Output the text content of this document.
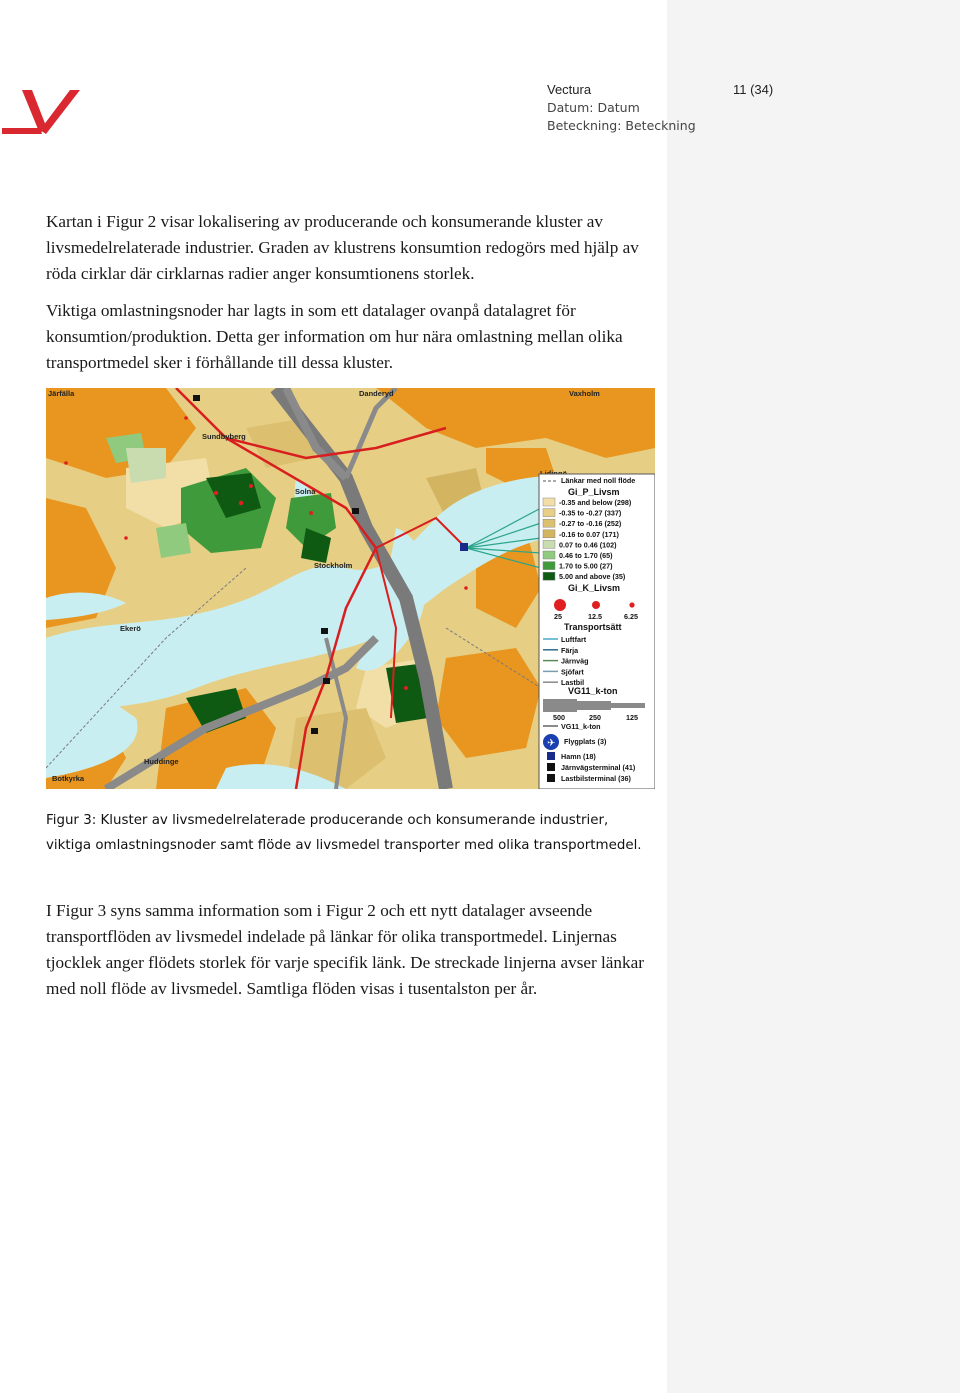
Vectura	11 (34)
Datum: Datum
Beteckning: Beteckning

Kartan i Figur 2 visar lokalisering av producerande och konsumerande kluster av livsmedelrelaterade industrier. Graden av klustrens konsumtion redogörs med hjälp av röda cirklar där cirklarnas radier anger konsumtionens storlek.

Viktiga omlastningsnoder har lagts in som ett datalager ovanpå datalagret för konsumtion/produktion. Detta ger information om hur nära omlastning mellan olika transportmedel sker i förhållande till dessa kluster.

Järfälla	Danderyd	Vaxholm
Sundbyberg
Solna
Stockholm
Ekerö
Huddinge
Botkyrka
Länkar med noll flöde
Gi_P_Livsm
-0.35 and below (298)
-0.35 to -0.27 (337)
-0.27 to -0.16 (252)
-0.16 to 0.07 (171)
0.07 to 0.46 (102)
0.46 to 1.70 (65)
1.70 to 5.00 (27)
5.00 and above (35)
Gi_K_Livsm
25	12.5	6.25
Transportsätt
Luftfart
Färja
Järnväg
Sjöfart
Lastbil
VG11_k-ton
500	250	125
VG11_k-ton
✈ Flygplats (3)
Hamn (18)
Järnvägsterminal (41)
Lastbilsterminal (36)

Figur 3: Kluster av livsmedelrelaterade producerande och konsumerande industrier, viktiga omlastningsnoder samt flöde av livsmedel transporter med olika transportmedel.

I Figur 3 syns samma information som i Figur 2 och ett nytt datalager avseende transportflöden av livsmedel indelade på länkar för olika transportmedel. Linjernas tjocklek anger flödets storlek för varje specifik länk. De streckade linjerna avser länkar med noll flöde av livsmedel. Samtliga flöden visas i tusentalston per år.
